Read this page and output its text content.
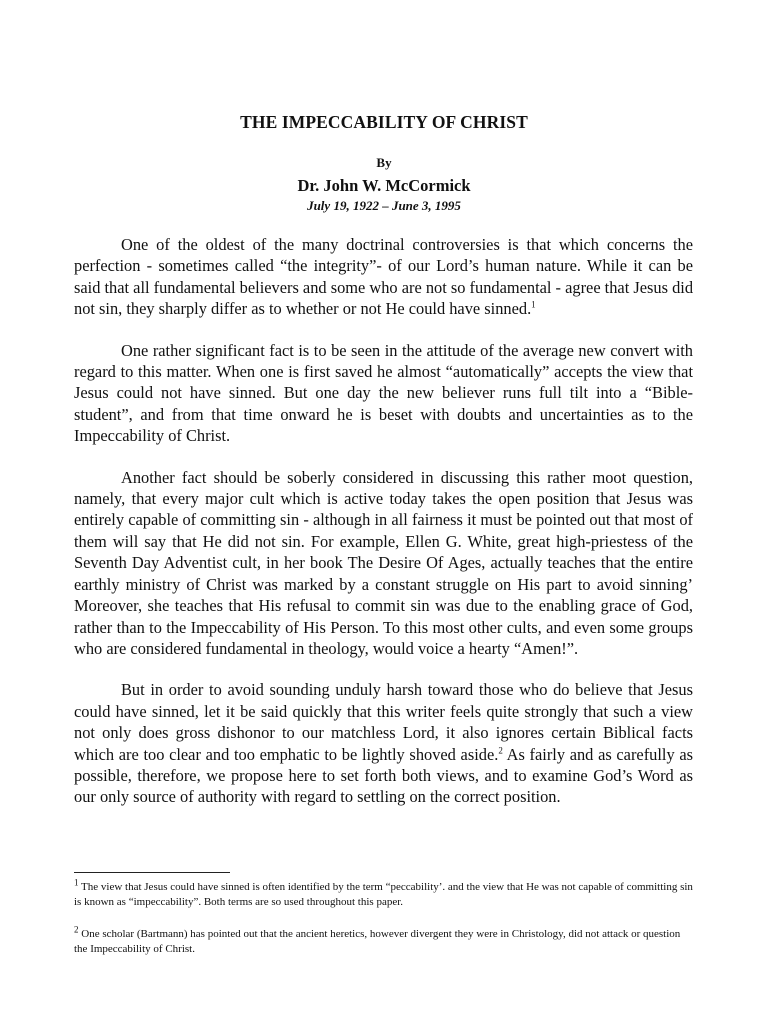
THE IMPECCABILITY OF CHRIST
By
Dr. John W. McCormick
July 19, 1922 – June 3, 1995

One of the oldest of the many doctrinal controversies is that which concerns the perfection - sometimes called “the integrity”- of our Lord’s human nature. While it can be said that all fundamental believers and some who are not so fundamental - agree that Jesus did not sin, they sharply differ as to whether or not He could have sinned.$^1$

One rather significant fact is to be seen in the attitude of the average new convert with regard to this matter. When one is first saved he almost “automatically” accepts the view that Jesus could not have sinned. But one day the new believer runs full tilt into a “Bible- student”, and from that time onward he is beset with doubts and uncertainties as to the Impeccability of Christ.

Another fact should be soberly considered in discussing this rather moot question, namely, that every major cult which is active today takes the open position that Jesus was entirely capable of committing sin - although in all fairness it must be pointed out that most of them will say that He did not sin. For example, Ellen G. White, great high-priestess of the Seventh Day Adventist cult, in her book The Desire Of Ages, actually teaches that the entire earthly ministry of Christ was marked by a constant struggle on His part to avoid sinning’ Moreover, she teaches that His refusal to commit sin was due to the enabling grace of God, rather than to the Impeccability of His Person. To this most other cults, and even some groups who are considered fundamental in theology, would voice a hearty “Amen!”.

But in order to avoid sounding unduly harsh toward those who do believe that Jesus could have sinned, let it be said quickly that this writer feels quite strongly that such a view not only does gross dishonor to our matchless Lord, it also ignores certain Biblical facts which are too clear and too emphatic to be lightly shoved aside.$^2$ As fairly and as carefully as possible, therefore, we propose here to set forth both views, and to examine God’s Word as our only source of authority with regard to settling on the correct position.

$^1$ The view that Jesus could have sinned is often identified by the term “peccability’. and the view that He was not capable of committing sin is known as “impeccability”. Both terms are so used throughout this paper.

$^2$ One scholar (Bartmann) has pointed out that the ancient heretics, however divergent they were in Christology, did not attack or question the Impeccability of Christ.
